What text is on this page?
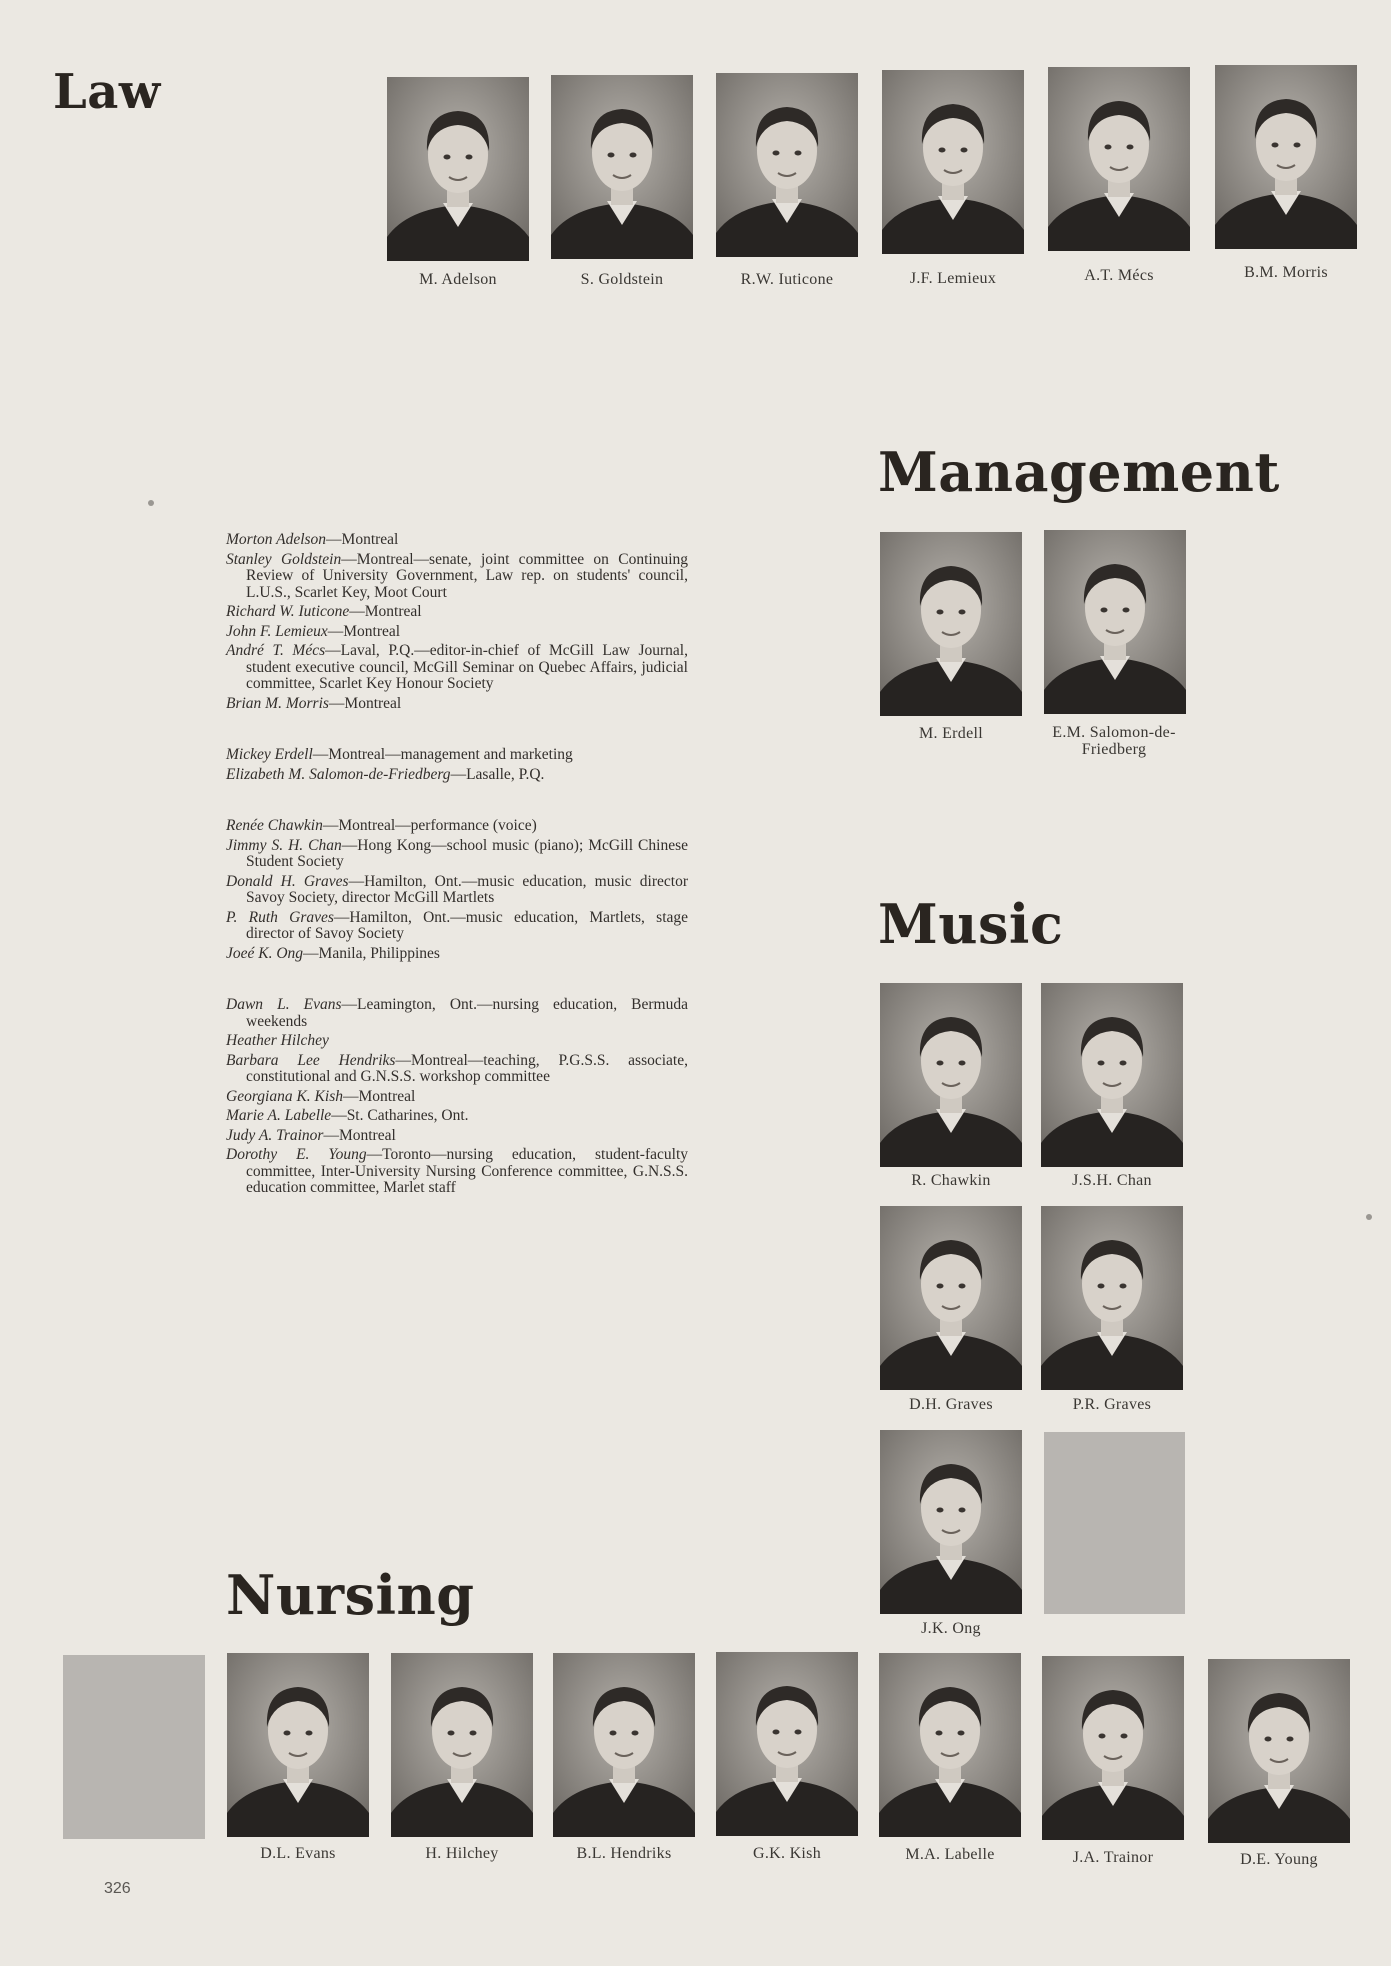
Law
Management
Music
Nursing
M. Adelson	S. Goldstein	R.W. Iuticone	J.F. Lemieux	A.T. Mécs	B.M. Morris
M. Erdell	E.M. Salomon-de-Friedberg
R. Chawkin	J.S.H. Chan
D.H. Graves	P.R. Graves
J.K. Ong
D.L. Evans	H. Hilchey	B.L. Hendriks	G.K. Kish	M.A. Labelle	J.A. Trainor	D.E. Young

Morton Adelson—Montreal

Stanley Goldstein—Montreal—senate, joint committee on Continuing Review of University Government, Law rep. on students' council, L.U.S., Scarlet Key, Moot Court

Richard W. Iuticone—Montreal

John F. Lemieux—Montreal

André T. Mécs—Laval, P.Q.—editor-in-chief of McGill Law Journal, student executive council, McGill Seminar on Quebec Affairs, judicial committee, Scarlet Key Honour Society

Brian M. Morris—Montreal

Mickey Erdell—Montreal—management and marketing

Elizabeth M. Salomon-de-Friedberg—Lasalle, P.Q.

Renée Chawkin—Montreal—performance (voice)

Jimmy S. H. Chan—Hong Kong—school music (piano); McGill Chinese Student Society

Donald H. Graves—Hamilton, Ont.—music education, music director Savoy Society, director McGill Martlets

P. Ruth Graves—Hamilton, Ont.—music education, Martlets, stage director of Savoy Society

Joeé K. Ong—Manila, Philippines

Dawn L. Evans—Leamington, Ont.—nursing education, Bermuda weekends

Heather Hilchey

Barbara Lee Hendriks—Montreal—teaching, P.G.S.S. associate, constitutional and G.N.S.S. workshop committee

Georgiana K. Kish—Montreal

Marie A. Labelle—St. Catharines, Ont.

Judy A. Trainor—Montreal

Dorothy E. Young—Toronto—nursing education, student-faculty committee, Inter-University Nursing Conference committee, G.N.S.S. education committee, Marlet staff

326
